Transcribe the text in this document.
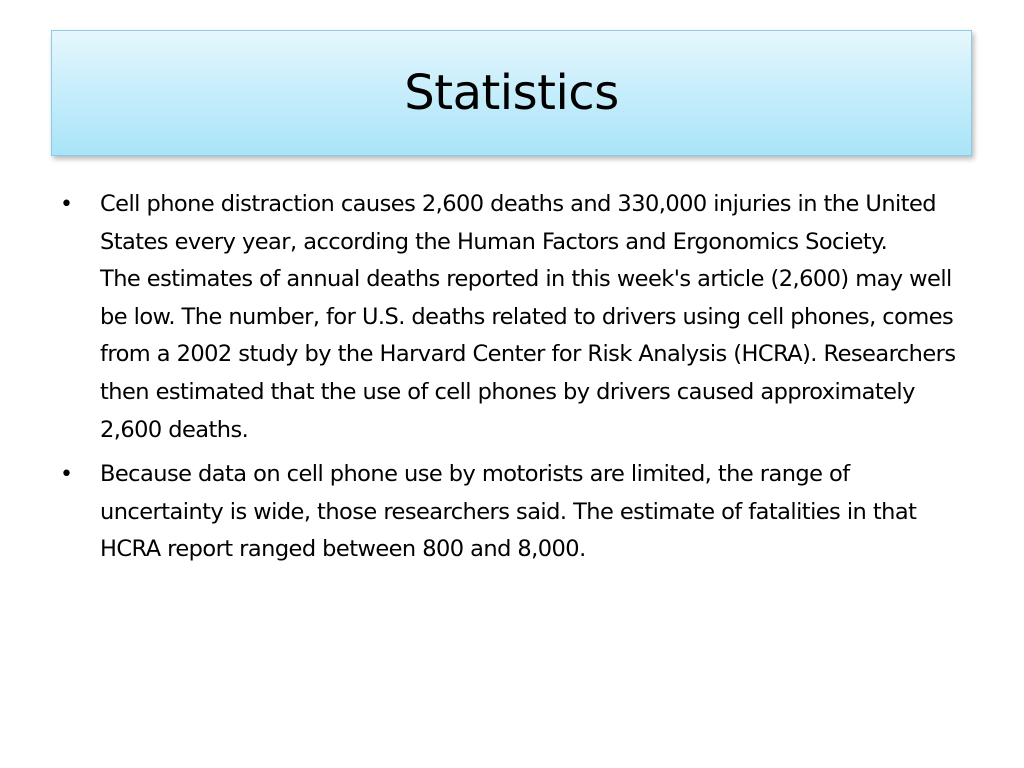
Statistics
•	Cell phone distraction causes 2,600 deaths and 330,000 injuries in the United States every year, according the Human Factors and Ergonomics Society.
The estimates of annual deaths reported in this week's article (2,600) may well be low. The number, for U.S. deaths related to drivers using cell phones, comes from a 2002 study by the Harvard Center for Risk Analysis (HCRA). Researchers then estimated that the use of cell phones by drivers caused approximately 2,600 deaths.
•	Because data on cell phone use by motorists are limited, the range of uncertainty is wide, those researchers said. The estimate of fatalities in that HCRA report ranged between 800 and 8,000.
